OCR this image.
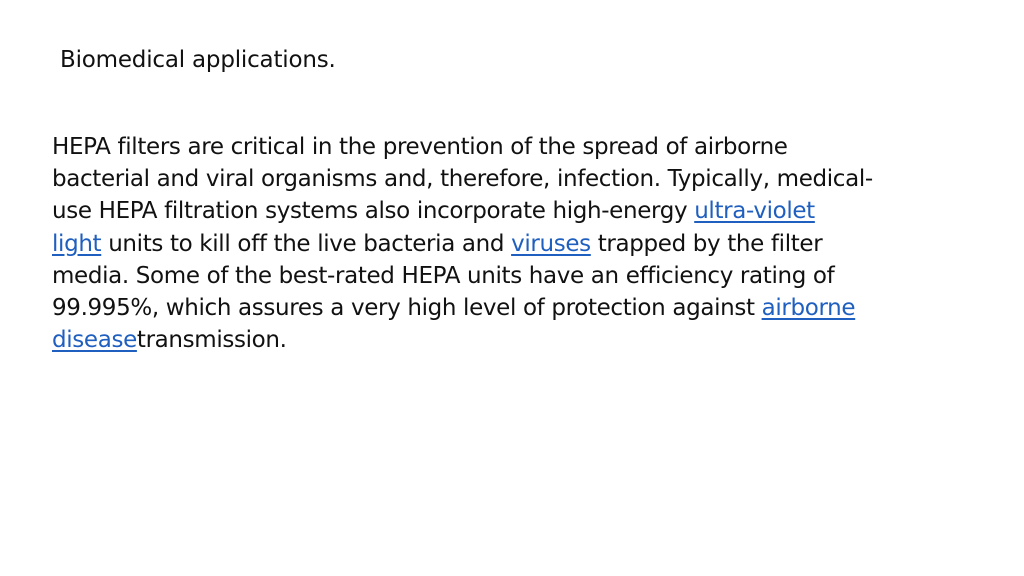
Biomedical applications.

HEPA filters are critical in the prevention of the spread of airborne
bacterial and viral organisms and, therefore, infection. Typically, medical-
use HEPA filtration systems also incorporate high-energy ultra-violet
light units to kill off the live bacteria and viruses trapped by the filter
media. Some of the best-rated HEPA units have an efficiency rating of
99.995%, which assures a very high level of protection against airborne
diseasetransmission.
